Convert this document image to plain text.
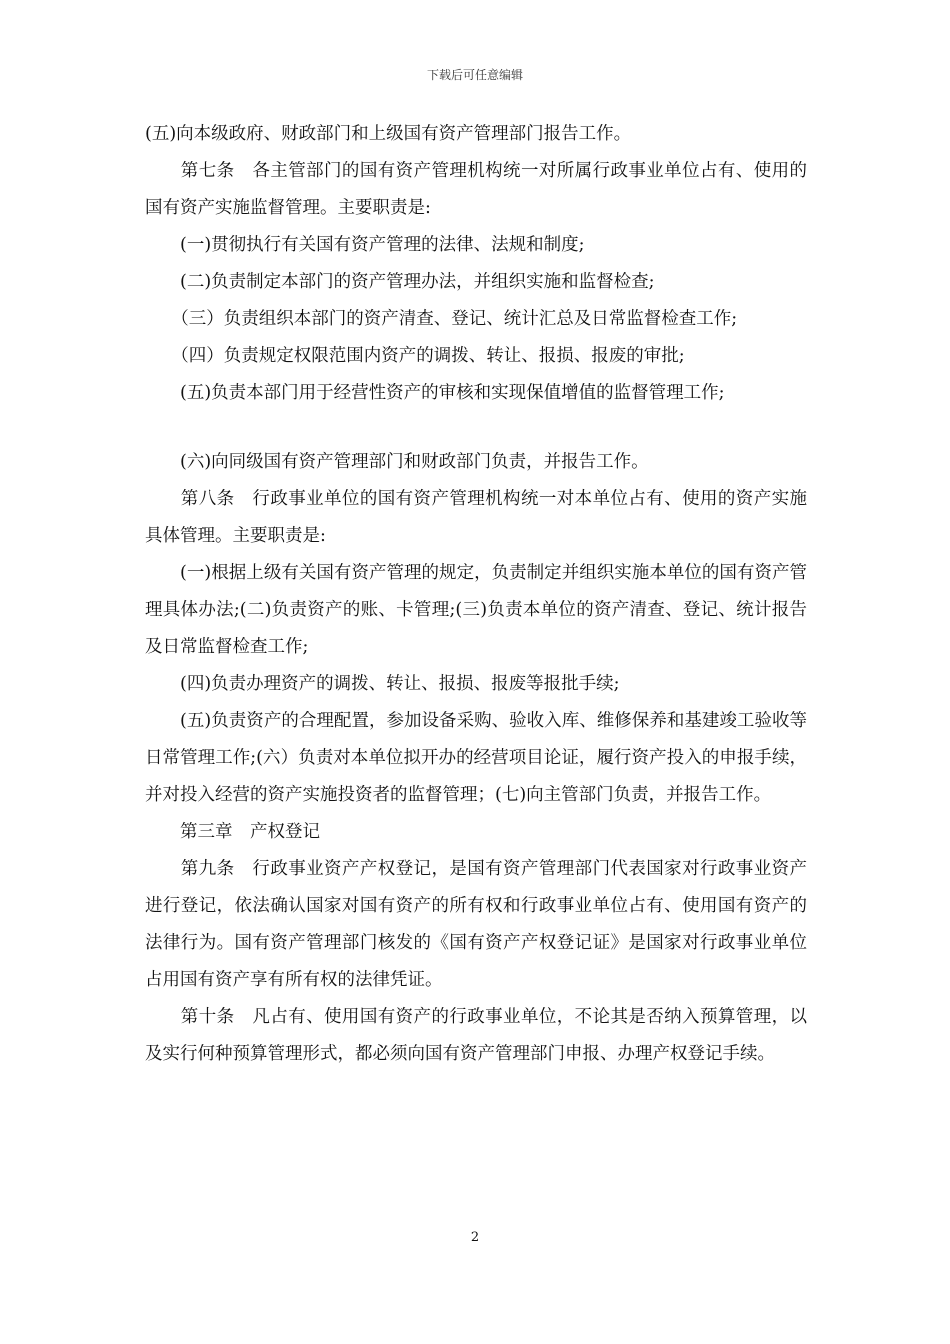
下载后可任意编辑

(五)向本级政府、财政部门和上级国有资产管理部门报告工作。

　　第七条　各主管部门的国有资产管理机构统一对所属行政事业单位占有、使用的国有资产实施监督管理。主要职责是:

　　(一)贯彻执行有关国有资产管理的法律、法规和制度;

　　(二)负责制定本部门的资产管理办法，并组织实施和监督检查;

　　（三）负责组织本部门的资产清查、登记、统计汇总及日常监督检查工作;

　　（四）负责规定权限范围内资产的调拨、转让、报损、报废的审批;

　　(五)负责本部门用于经营性资产的审核和实现保值增值的监督管理工作;

　　(六)向同级国有资产管理部门和财政部门负责，并报告工作。

　　第八条　行政事业单位的国有资产管理机构统一对本单位占有、使用的资产实施具体管理。主要职责是:

　　(一)根据上级有关国有资产管理的规定，负责制定并组织实施本单位的国有资产管理具体办法;(二)负责资产的账、卡管理;(三)负责本单位的资产清查、登记、统计报告及日常监督检查工作;

　　(四)负责办理资产的调拨、转让、报损、报废等报批手续;

　　(五)负责资产的合理配置，参加设备采购、验收入库、维修保养和基建竣工验收等日常管理工作;(六）负责对本单位拟开办的经营项目论证，履行资产投入的申报手续，并对投入经营的资产实施投资者的监督管理；(七)向主管部门负责，并报告工作。

　　第三章　产权登记

　　第九条　行政事业资产产权登记，是国有资产管理部门代表国家对行政事业资产进行登记，依法确认国家对国有资产的所有权和行政事业单位占有、使用国有资产的法律行为。国有资产管理部门核发的《国有资产产权登记证》是国家对行政事业单位占用国有资产享有所有权的法律凭证。

　　第十条　凡占有、使用国有资产的行政事业单位，不论其是否纳入预算管理，以及实行何种预算管理形式，都必须向国有资产管理部门申报、办理产权登记手续。

2
